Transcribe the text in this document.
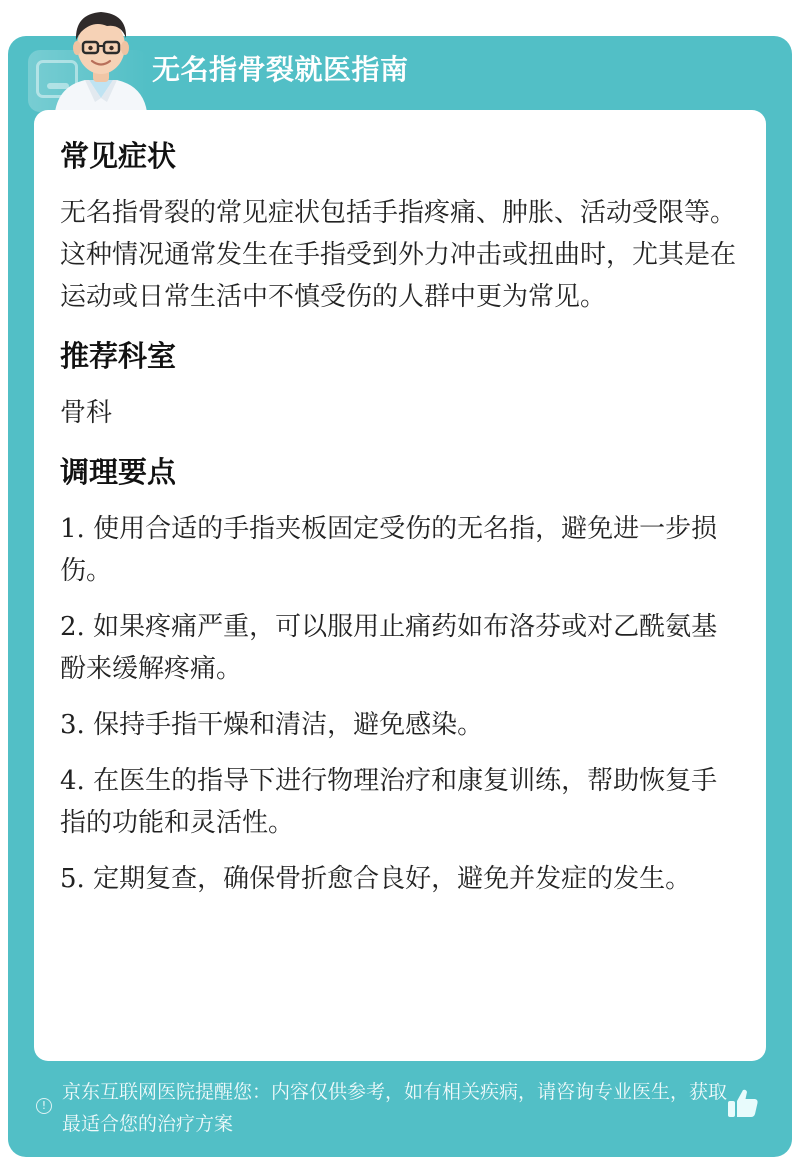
无名指骨裂就医指南
常见症状
无名指骨裂的常见症状包括手指疼痛、肿胀、活动受限等。这种情况通常发生在手指受到外力冲击或扭曲时，尤其是在运动或日常生活中不慎受伤的人群中更为常见。
推荐科室
骨科
调理要点
1. 使用合适的手指夹板固定受伤的无名指，避免进一步损伤。
2. 如果疼痛严重，可以服用止痛药如布洛芬或对乙酰氨基酚来缓解疼痛。
3. 保持手指干燥和清洁，避免感染。
4. 在医生的指导下进行物理治疗和康复训练，帮助恢复手指的功能和灵活性。
5. 定期复查，确保骨折愈合良好，避免并发症的发生。
!
京东互联网医院提醒您：内容仅供参考，如有相关疾病，请咨询专业医生，获取最适合您的治疗方案
